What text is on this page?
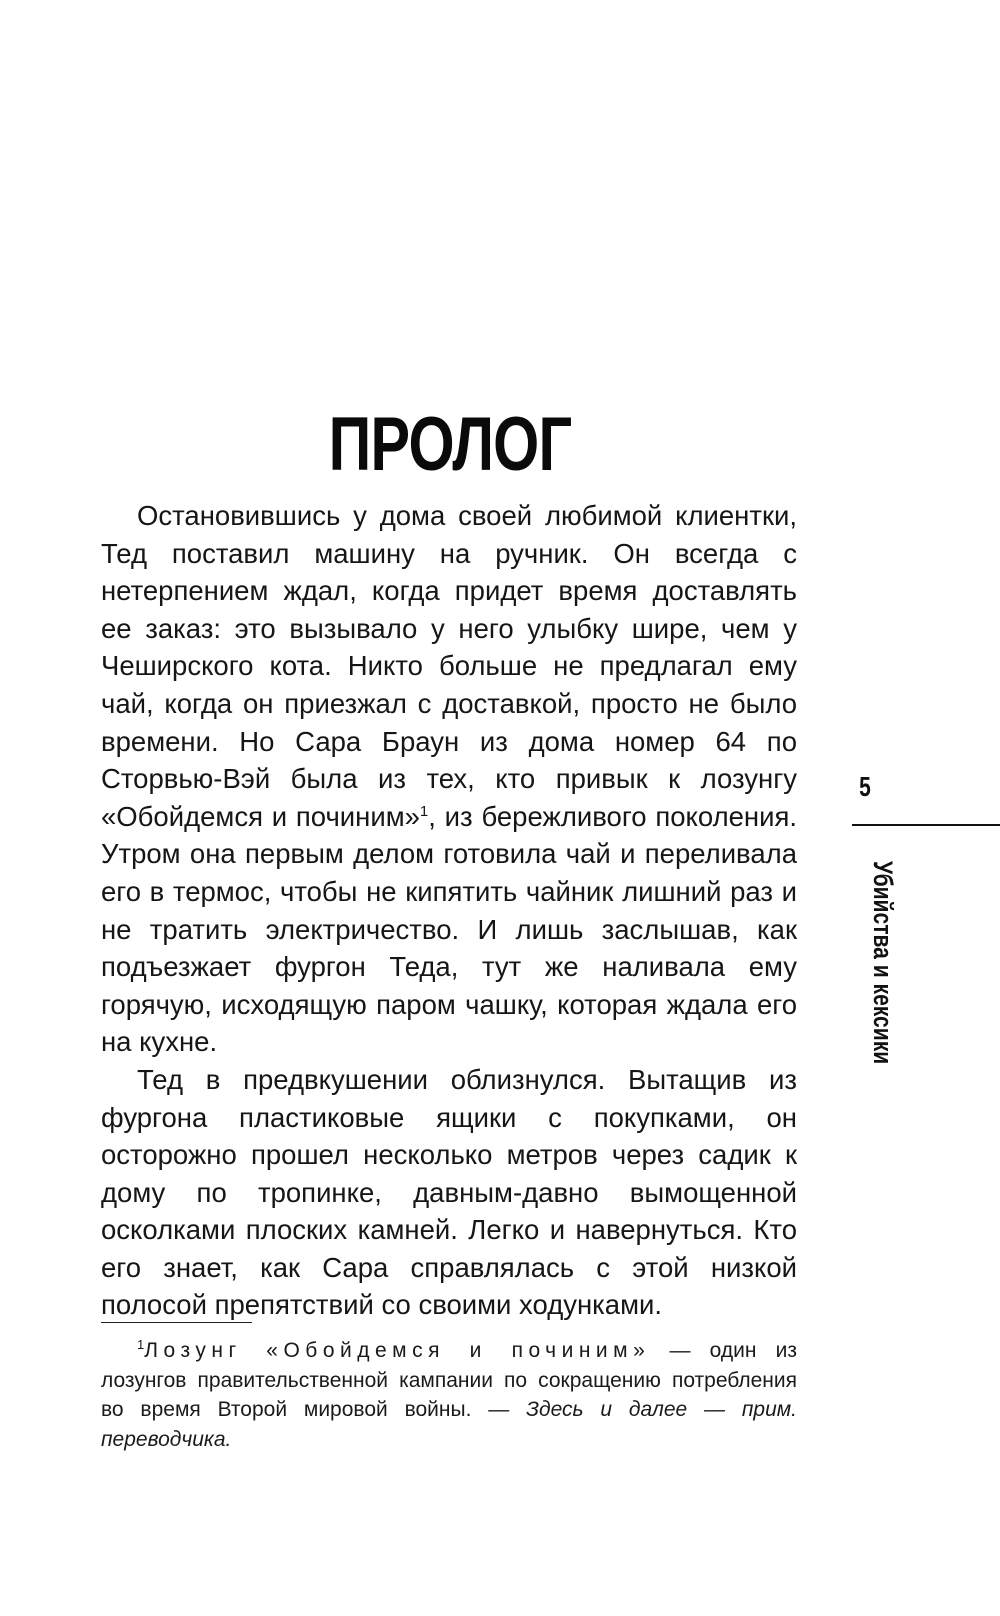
ПРОЛОГ

Остановившись у дома своей любимой клиентки, Тед поставил машину на ручник. Он всегда с нетерпением ждал, когда придет время доставлять ее заказ: это вызывало у него улыбку шире, чем у Чеширского кота. Никто больше не предлагал ему чай, когда он приезжал с доставкой, просто не было времени. Но Сара Браун из дома номер 64 по Сторвью-Вэй была из тех, кто привык к лозунгу «Обойдемся и починим»$^1$, из бережливого поколения. Утром она первым делом готовила чай и переливала его в термос, чтобы не кипятить чайник лишний раз и не тратить электричество. И лишь заслышав, как подъезжает фургон Теда, тут же наливала ему горячую, исходящую паром чашку, которая ждала его на кухне.

Тед в предвкушении облизнулся. Вытащив из фургона пластиковые ящики с покупками, он осторожно прошел несколько метров через садик к дому по тропинке, давным-давно вымощенной осколками плоских камней. Легко и навернуться. Кто его знает, как Сара справлялась с этой низкой полосой препятствий со своими ходунками.

$^1$Лозунг «Обойдемся и починим» — один из лозунгов правительственной кампании по сокращению потребления во время Второй мировой войны. — Здесь и далее — прим. переводчика.
5
Убийства и кексики
